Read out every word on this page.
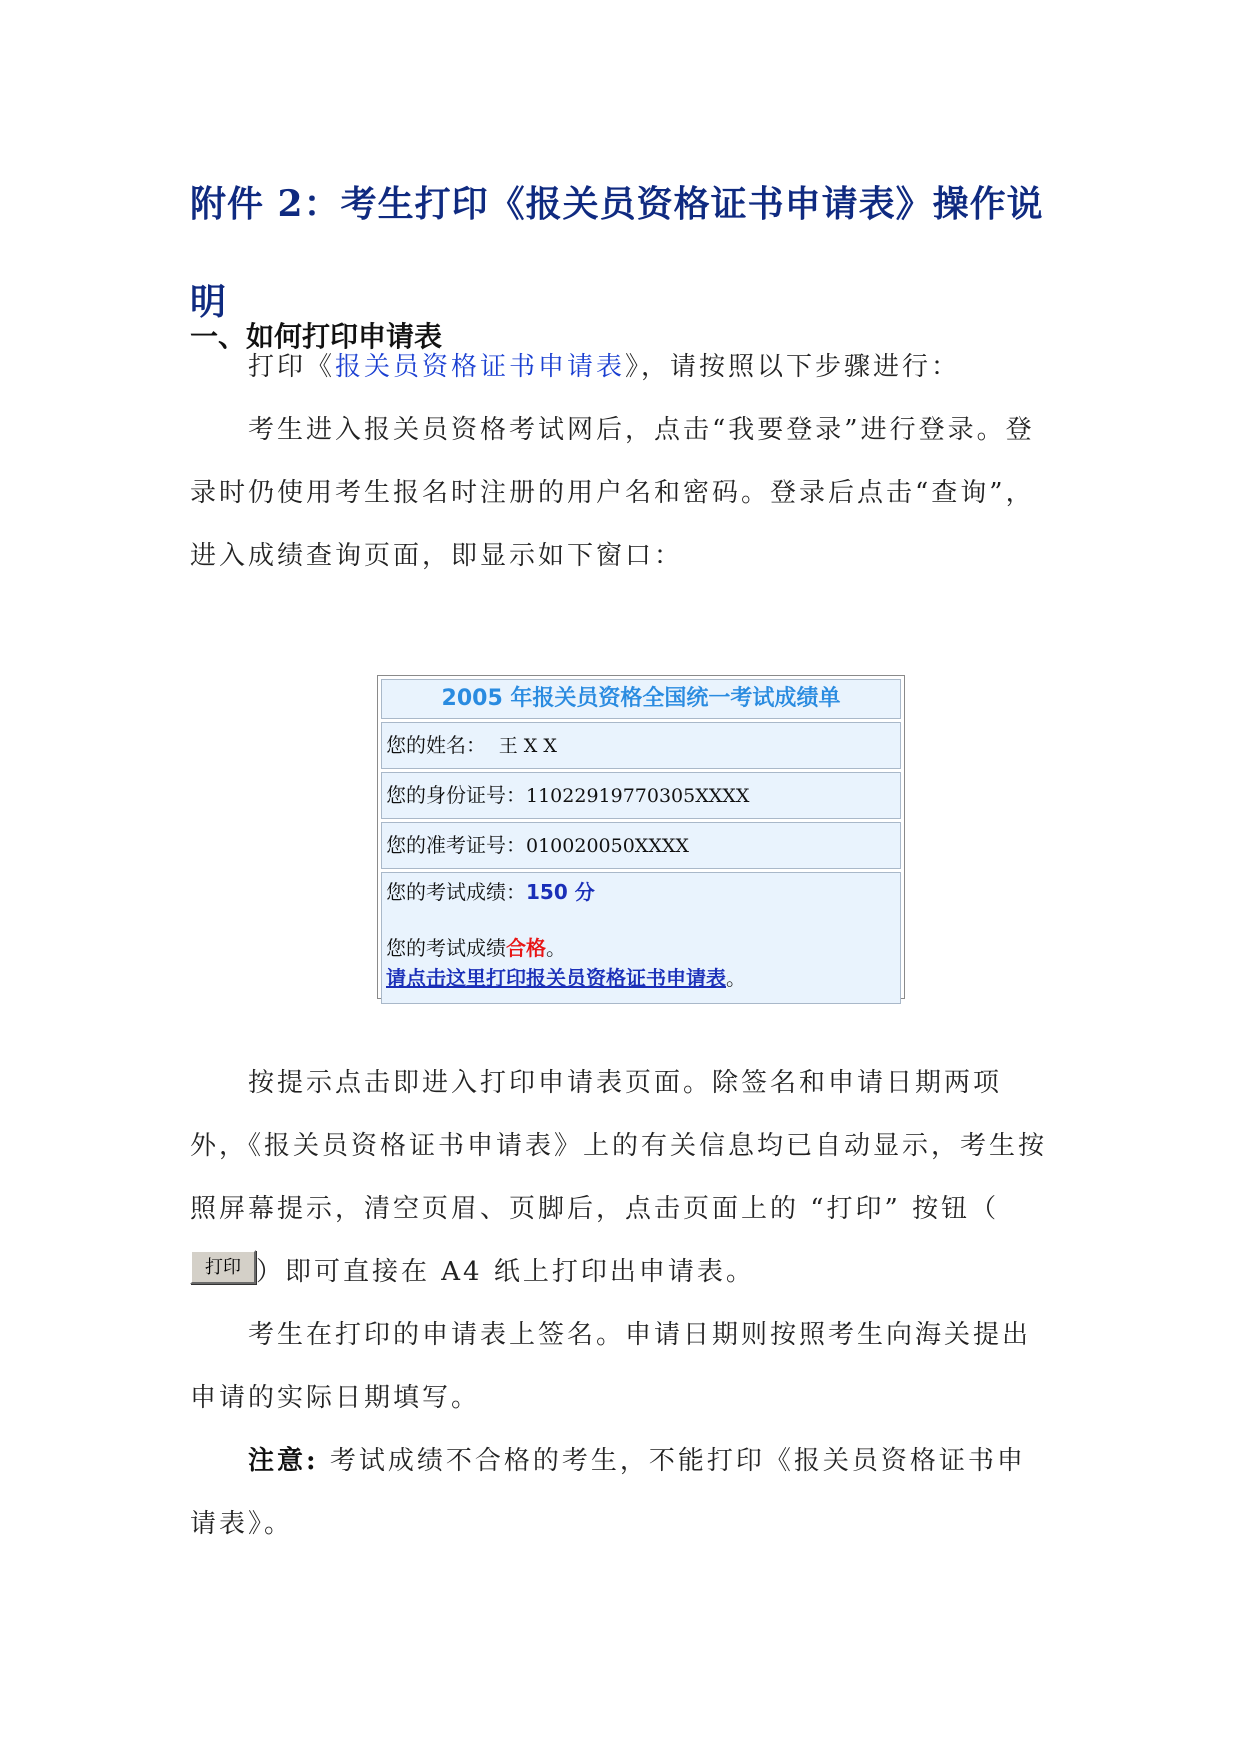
附件 2：考生打印《报关员资格证书申请表》操作说明
一、如何打印申请表

打印《报关员资格证书申请表》，请按照以下步骤进行：

考生进入报关员资格考试网后，点击“我要登录”进行登录。登录时仍使用考生报名时注册的用户名和密码。登录后点击“查询”，进入成绩查询页面，即显示如下窗口：

2005 年报关员资格全国统一考试成绩单
您的姓名： 王 X X
您的身份证号：11022919770305XXXX
您的准考证号：010020050XXXX
您的考试成绩：150 分
您的考试成绩合格。
请点击这里打印报关员资格证书申请表。

按提示点击即进入打印申请表页面。除签名和申请日期两项外，《报关员资格证书申请表》上的有关信息均已自动显示，考生按照屏幕提示，清空页眉、页脚后，点击页面上的 “打印” 按钮（打印 ）即可直接在 A4 纸上打印出申请表。

考生在打印的申请表上签名。申请日期则按照考生向海关提出申请的实际日期填写。

注意: 考试成绩不合格的考生，不能打印《报关员资格证书申请表》。
